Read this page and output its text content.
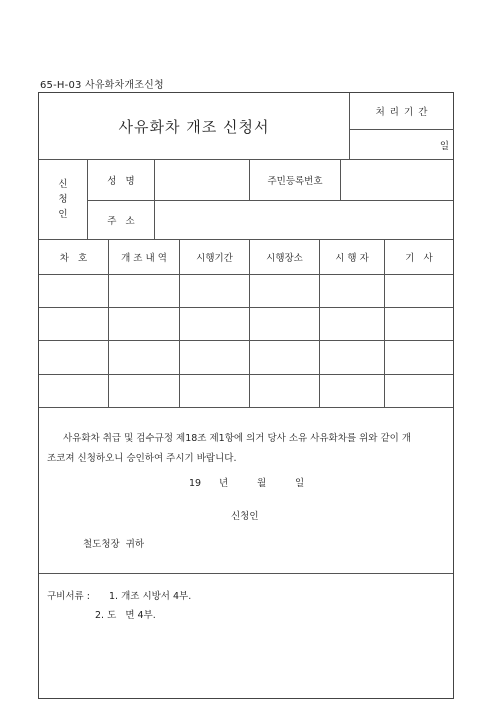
65-H-03 사유화차개조신청
사유화차 개조 신청서
처 리 기 간
일
신
청
인
성   명	주민등록번호
주   소
차   호	개 조 내 역	시행기간	시행장소	시 행 자	기   사
사유화차 취급 및 검수규정 제18조 제1항에 의거 당사 소유 사유화차를 위와 같이 개
조코져 신청하오니 승인하여 주시기 바랍니다.
19 년	월	일
신청인
철도청장  귀하
구비서류 : 1. 개조 시방서 4부.
2. 도   면 4부.
